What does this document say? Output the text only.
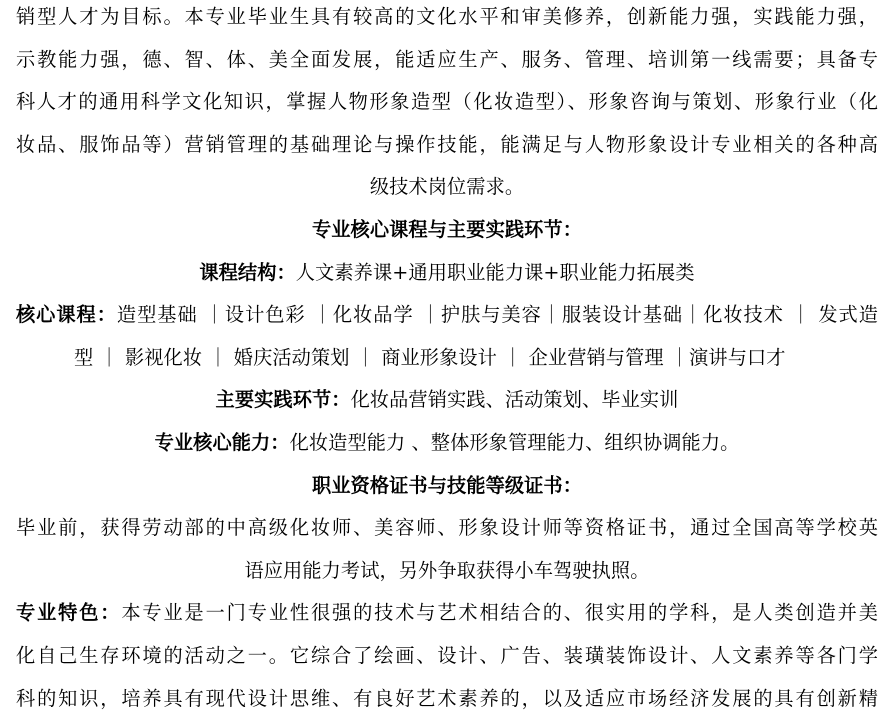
销型人才为目标。本专业毕业生具有较高的文化水平和审美修养，创新能力强，实践能力强，
示教能力强，德、智、体、美全面发展，能适应生产、服务、管理、培训第一线需要；具备专
科人才的通用科学文化知识，掌握人物形象造型（化妆造型）、形象咨询与策划、形象行业（化
妆品、服饰品等）营销管理的基础理论与操作技能，能满足与人物形象设计专业相关的各种高
级技术岗位需求。
专业核心课程与主要实践环节：
课程结构：人文素养课+通用职业能力课+职业能力拓展类
核心课程：造型基础 ｜设计色彩 ｜化妆品学 ｜护肤与美容｜服装设计基础｜化妆技术 ｜ 发式造
型 ｜ 影视化妆 ｜ 婚庆活动策划 ｜ 商业形象设计 ｜ 企业营销与管理 ｜演讲与口才
主要实践环节：化妆品营销实践、活动策划、毕业实训
专业核心能力：化妆造型能力 、整体形象管理能力、组织协调能力。
职业资格证书与技能等级证书：
毕业前，获得劳动部的中高级化妆师、美容师、形象设计师等资格证书，通过全国高等学校英
语应用能力考试，另外争取获得小车驾驶执照。
专业特色：本专业是一门专业性很强的技术与艺术相结合的、很实用的学科，是人类创造并美
化自己生存环境的活动之一。它综合了绘画、设计、广告、装璜装饰设计、人文素养等各门学
科的知识，培养具有现代设计思维、有良好艺术素养的，以及适应市场经济发展的具有创新精
